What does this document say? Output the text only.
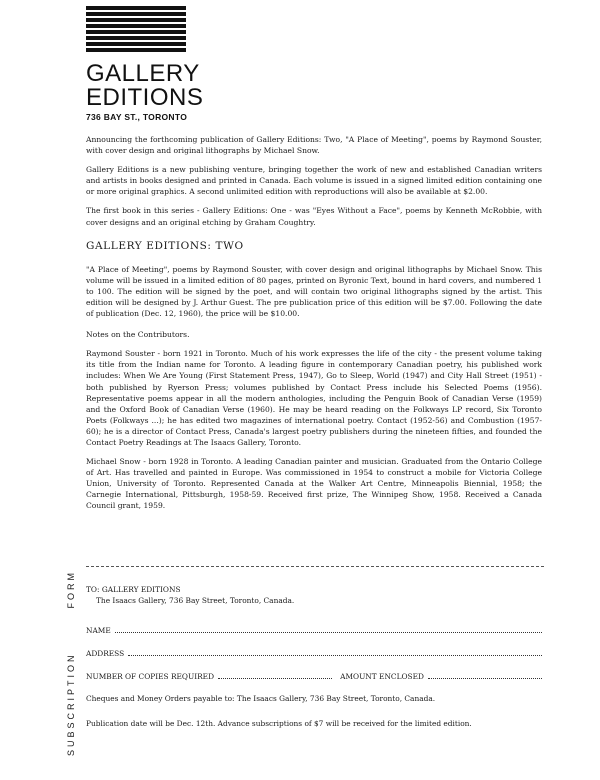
GALLERY
EDITIONS
736 BAY ST., TORONTO

Announcing the forthcoming publication of Gallery Editions: Two, "A Place of Meeting", poems by Raymond Souster, with cover design and original lithographs by Michael Snow.

Gallery Editions is a new publishing venture, bringing together the work of new and established Canadian writers and artists in books designed and printed in Canada. Each volume is issued in a signed limited edition containing one or more original graphics. A second unlimited edition with reproductions will also be available at $2.00.

The first book in this series - Gallery Editions: One - was "Eyes Without a Face", poems by Kenneth McRobbie, with cover designs and an original etching by Graham Coughtry.

GALLERY EDITIONS: TWO

"A Place of Meeting", poems by Raymond Souster, with cover design and original lithographs by Michael Snow. This volume will be issued in a limited edition of 80 pages, printed on Byronic Text, bound in hard covers, and numbered 1 to 100. The edition will be signed by the poet, and will contain two original lithographs signed by the artist. This edition will be designed by J. Arthur Guest. The pre publication price of this edition will be $7.00. Following the date of publication (Dec. 12, 1960), the price will be $10.00.

Notes on the Contributors.

Raymond Souster - born 1921 in Toronto. Much of his work expresses the life of the city - the present volume taking its title from the Indian name for Toronto. A leading figure in contemporary Canadian poetry, his published work includes: When We Are Young (First Statement Press, 1947), Go to Sleep, World (1947) and City Hall Street (1951) - both published by Ryerson Press; volumes published by Contact Press include his Selected Poems (1956). Representative poems appear in all the modern anthologies, including the Penguin Book of Canadian Verse (1959) and the Oxford Book of Canadian Verse (1960). He may be heard reading on the Folkways LP record, Six Toronto Poets (Folkways ...); he has edited two magazines of international poetry. Contact (1952-56) and Combustion (1957-60); he is a director of Contact Press, Canada's largest poetry publishers during the nineteen fifties, and founded the Contact Poetry Readings at The Isaacs Gallery, Toronto.

Michael Snow - born 1928 in Toronto. A leading Canadian painter and musician. Graduated from the Ontario College of Art. Has travelled and painted in Europe. Was commissioned in 1954 to construct a mobile for Victoria College Union, University of Toronto. Represented Canada at the Walker Art Centre, Minneapolis Biennial, 1958; the Carnegie International, Pittsburgh, 1958-59. Received first prize, The Winnipeg Show, 1958. Received a Canada Council grant, 1959.

SUBSCRIPTIONFORM TO: GALLERY EDITIONS
The Isaacs Gallery, 736 Bay Street, Toronto, Canada.
NAME
ADDRESS
NUMBER OF COPIES REQUIRED	AMOUNT ENCLOSED

Cheques and Money Orders payable to: The Isaacs Gallery, 736 Bay Street, Toronto, Canada.

Publication date will be Dec. 12th. Advance subscriptions of $7 will be received for the limited edition.
